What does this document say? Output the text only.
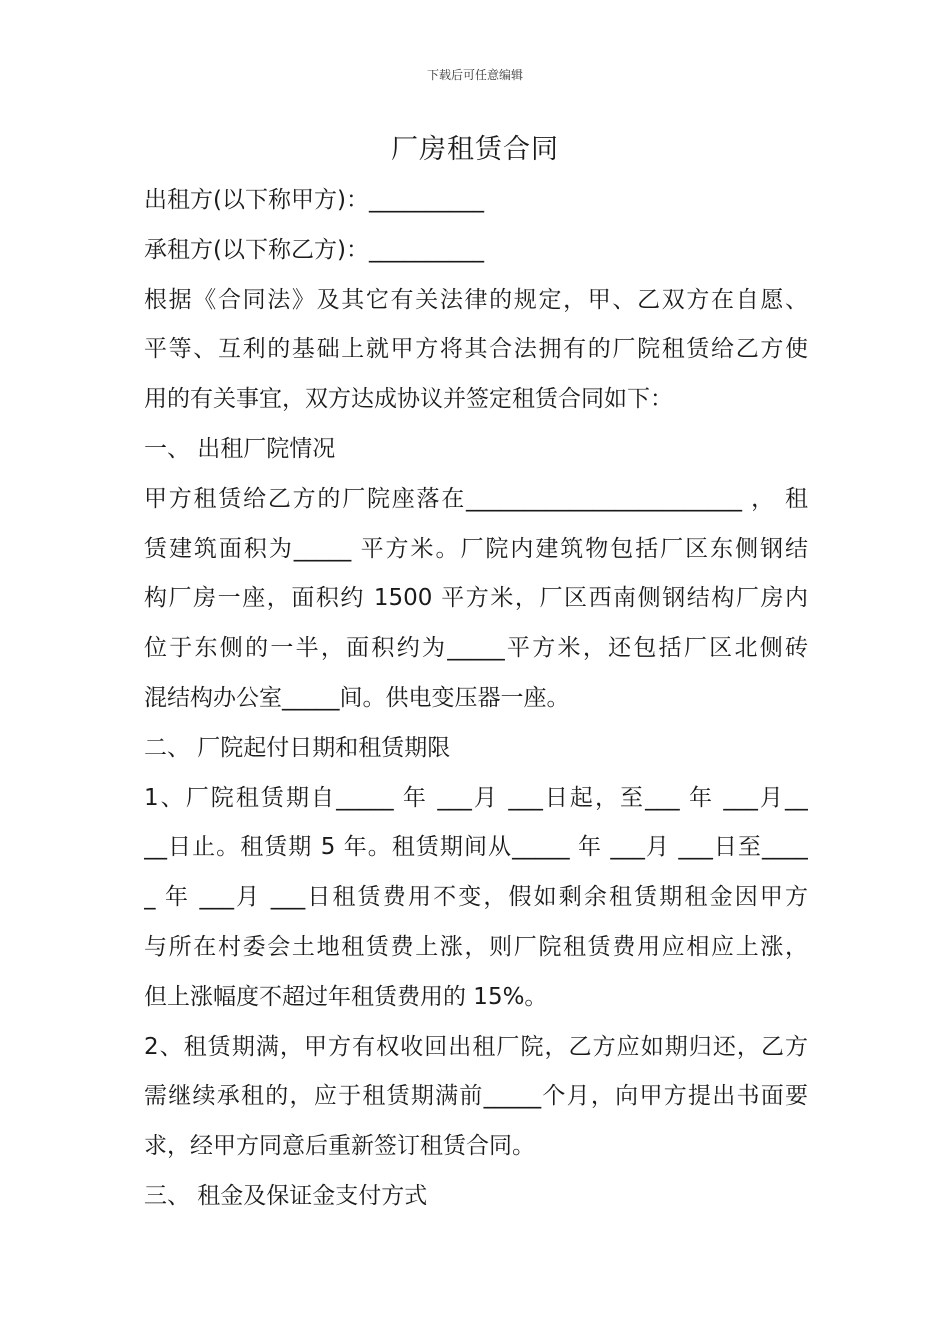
下载后可任意编辑
厂房租赁合同
出租方(以下称甲方)：__________
承租方(以下称乙方)：__________
根据《合同法》及其它有关法律的规定，甲、乙双方在自愿、
平等、互利的基础上就甲方将其合法拥有的厂院租赁给乙方使
用的有关事宜，双方达成协议并签定租赁合同如下：
一、 出租厂院情况
甲方租赁给乙方的厂院座落在________________________ ， 租
赁建筑面积为_____ 平方米。厂院内建筑物包括厂区东侧钢结
构厂房一座，面积约 1500 平方米，厂区西南侧钢结构厂房内
位于东侧的一半，面积约为_____平方米，还包括厂区北侧砖
混结构办公室_____间。供电变压器一座。
二、 厂院起付日期和租赁期限
1、厂院租赁期自_____ 年 ___月 ___日起，至___ 年 ___月__
__日止。租赁期 5 年。租赁期间从_____ 年 ___月 ___日至____
_ 年 ___月 ___日租赁费用不变，假如剩余租赁期租金因甲方
与所在村委会土地租赁费上涨，则厂院租赁费用应相应上涨，
但上涨幅度不超过年租赁费用的 15%。
2、租赁期满，甲方有权收回出租厂院，乙方应如期归还，乙方
需继续承租的，应于租赁期满前_____个月，向甲方提出书面要
求，经甲方同意后重新签订租赁合同。
三、 租金及保证金支付方式
